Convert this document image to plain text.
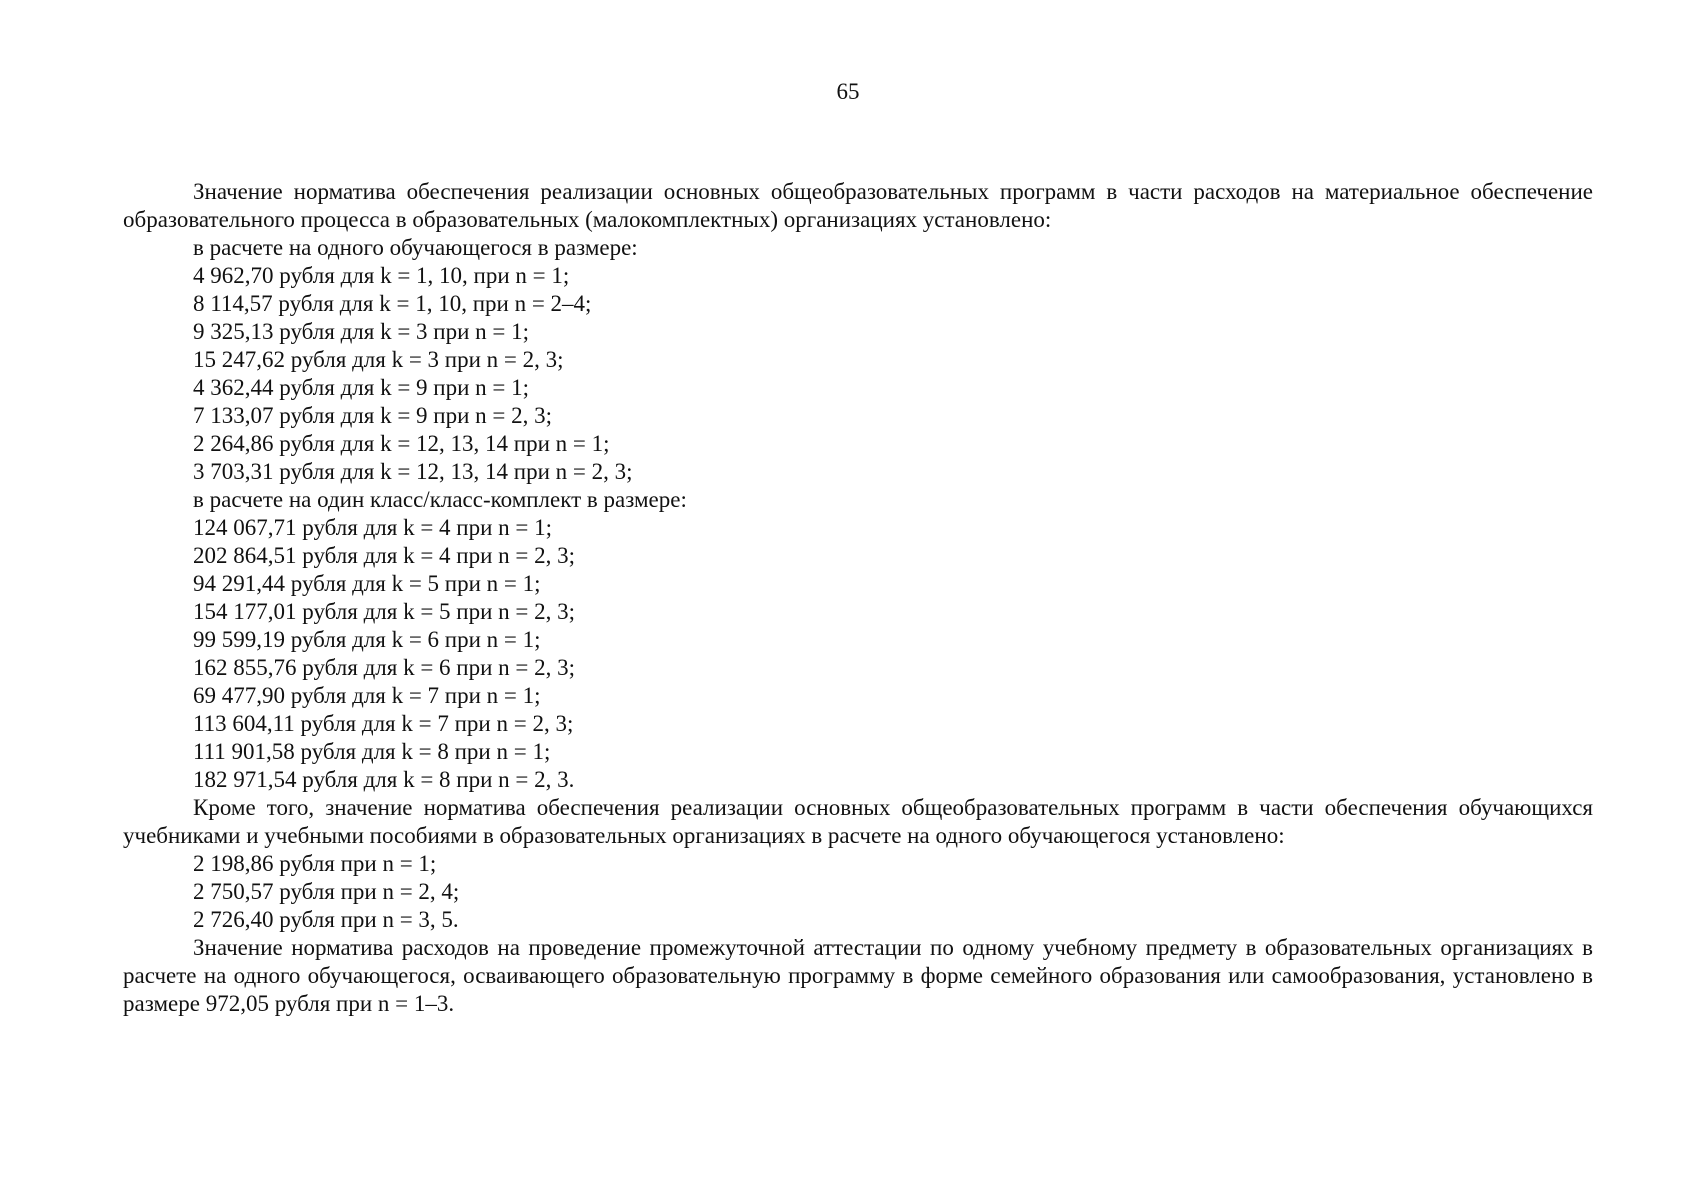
65

Значение норматива обеспечения реализации основных общеобразовательных программ в части расходов на материальное обеспечение образовательного процесса в образовательных (малокомплектных) организациях установлено:

в расчете на одного обучающегося в размере:

4 962,70 рубля для k = 1, 10, при n = 1;

8 114,57 рубля для k = 1, 10, при n = 2–4;

9 325,13 рубля для k = 3 при n = 1;

15 247,62 рубля для k = 3 при n = 2, 3;

4 362,44 рубля для k = 9 при n = 1;

7 133,07 рубля для k = 9 при n = 2, 3;

2 264,86 рубля для k = 12, 13, 14 при n = 1;

3 703,31 рубля для k = 12, 13, 14 при n = 2, 3;

в расчете на один класс/класс-комплект в размере:

124 067,71 рубля для k = 4 при n = 1;

202 864,51 рубля для k = 4 при n = 2, 3;

94 291,44 рубля для k = 5 при n = 1;

154 177,01 рубля для k = 5 при n = 2, 3;

99 599,19 рубля для k = 6 при n = 1;

162 855,76 рубля для k = 6 при n = 2, 3;

69 477,90 рубля для k = 7 при n = 1;

113 604,11 рубля для k = 7 при n = 2, 3;

111 901,58 рубля для k = 8 при n = 1;

182 971,54 рубля для k = 8 при n = 2, 3.

Кроме того, значение норматива обеспечения реализации основных общеобразовательных программ в части обеспечения обучающихся учебниками и учебными пособиями в образовательных организациях в расчете на одного обучающегося установлено:

2 198,86 рубля при n = 1;

2 750,57 рубля при n = 2, 4;

2 726,40 рубля при n = 3, 5.

Значение норматива расходов на проведение промежуточной аттестации по одному учебному предмету в образовательных организациях в расчете на одного обучающегося, осваивающего образовательную программу в форме семейного образования или самообразования, установлено в размере 972,05 рубля при n = 1–3.
